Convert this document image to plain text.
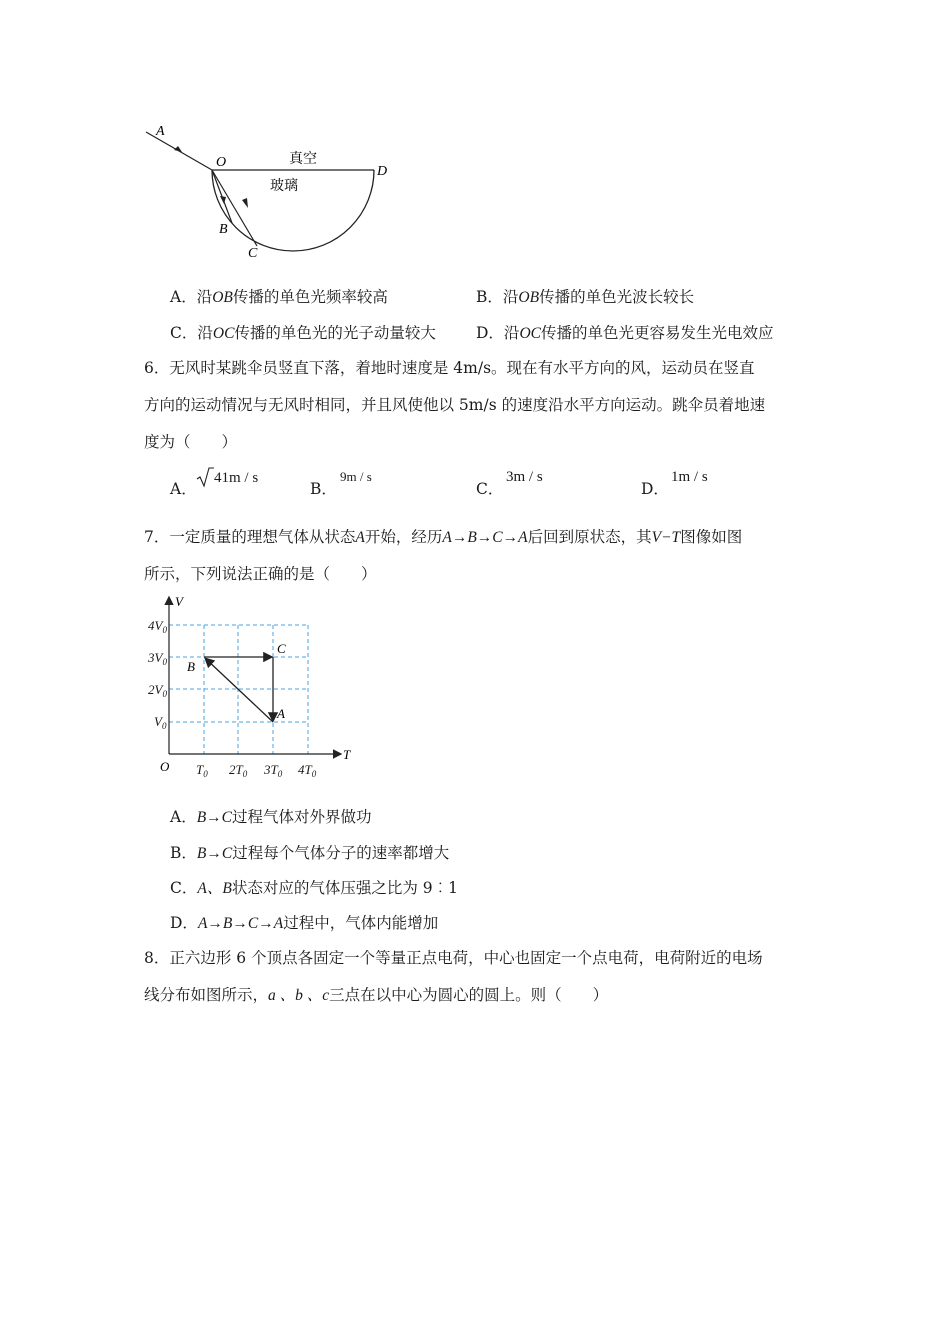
A
O
D
B
C
真空
玻璃
A．沿OB传播的单色光频率较高	B．沿OB传播的单色光波长较长
C．沿OC传播的单色光的光子动量较大	D．沿OC传播的单色光更容易发生光电效应
6．无风时某跳伞员竖直下落，着地时速度是 4m/s。现在有水平方向的风，运动员在竖直
方向的运动情况与无风时相同，并且风使他以 5m/s 的速度沿水平方向运动。跳伞员着地速
度为（　　）
A．
41m / s
B．
9m / s
C．
3m / s
D．
1m / s
7．一定质量的理想气体从状态A开始，经历A→B→C→A后回到原状态，其V−T图像如图
所示，下列说法正确的是（　　）
V
T
O
B
C
A
$4V_0$
$3V_0$
$2V_0$
$V_0$
$T_0$ $2T_0$ $3T_0$ $4T_0$
A．B→C过程气体对外界做功
B．B→C过程每个气体分子的速率都增大
C．A、B状态对应的气体压强之比为 9︰1
D．A→B→C→A过程中，气体内能增加
8．正六边形 6 个顶点各固定一个等量正点电荷，中心也固定一个点电荷，电荷附近的电场
线分布如图所示，a 、b 、c三点在以中心为圆心的圆上。则（　　）
